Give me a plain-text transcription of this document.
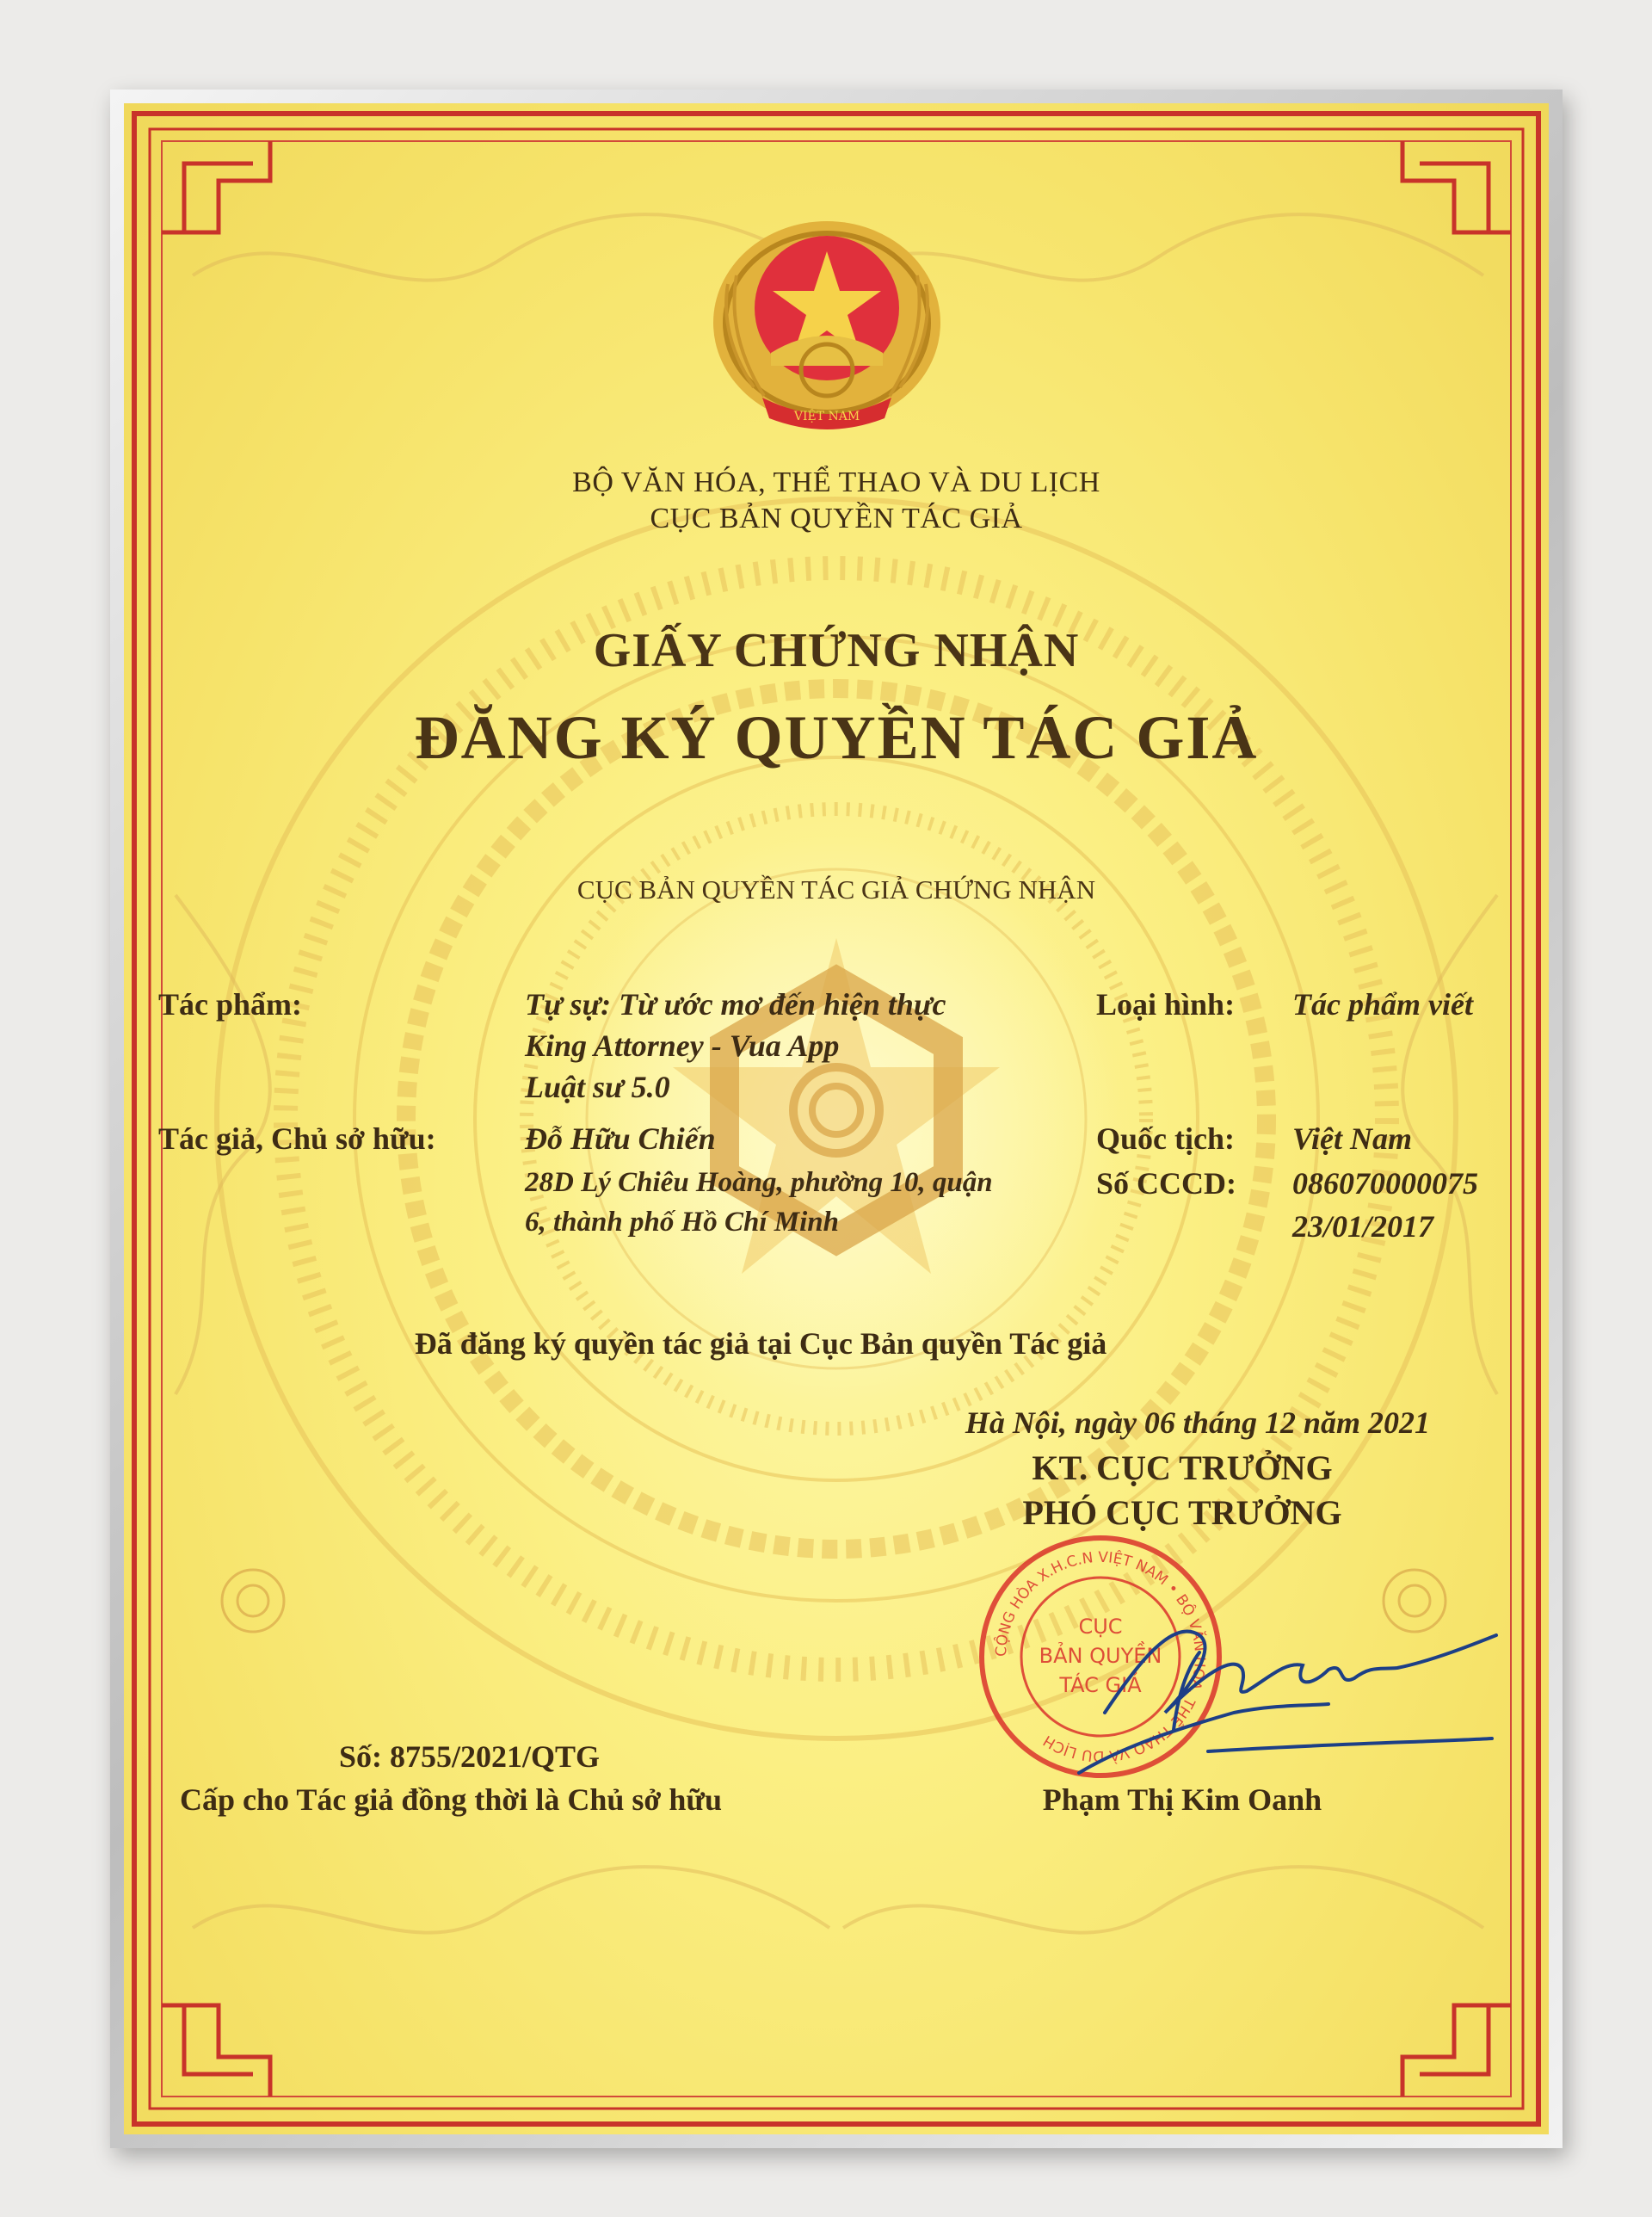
VIỆT NAM
BỘ VĂN HÓA, THỂ THAO VÀ DU LỊCH
CỤC BẢN QUYỀN TÁC GIẢ
GIẤY CHỨNG NHẬN
ĐĂNG KÝ QUYỀN TÁC GIẢ
CỤC BẢN QUYỀN TÁC GIẢ CHỨNG NHẬN
Tác phẩm:	Tự sự: Từ ước mơ đến hiện thực
King Attorney - Vua App
Luật sư 5.0
Loại hình: Tác phẩm viết
Tác giả, Chủ sở hữu:	Đỗ Hữu Chiến
28D Lý Chiêu Hoàng, phường 10, quận
6, thành phố Hồ Chí Minh
Quốc tịch: Việt Nam
Số CCCD: 086070000075
23/01/2017
Đã đăng ký quyền tác giả tại Cục Bản quyền Tác giả
Hà Nội, ngày 06 tháng 12 năm 2021
KT. CỤC TRƯỞNG
PHÓ CỤC TRƯỞNG
CỘNG HÒA X.H.C.N VIỆT NAM • BỘ VĂN HÓA, THỂ THAO VÀ DU LỊCH
CỤC
BẢN QUYỀN
TÁC GIẢ
Số: 8755/2021/QTG
Cấp cho Tác giả đồng thời là Chủ sở hữu	Phạm Thị Kim Oanh
